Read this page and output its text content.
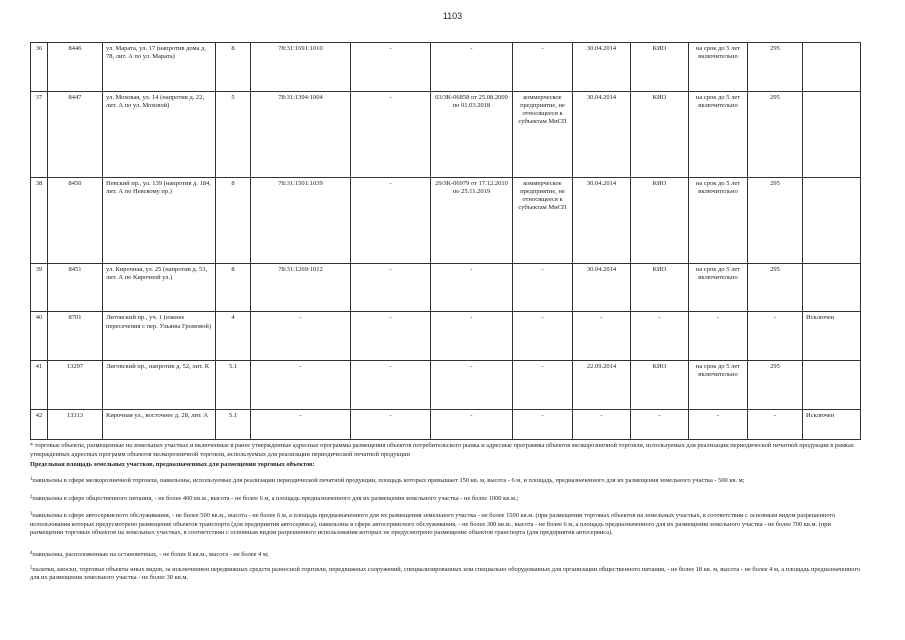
1103
36	8446	ул. Марата, ул. 17 (напротив дома д. 78, лит. А по ул. Марата)	8	78:31:1691:1010	-	-	-	30.04.2014	КИО	на срок до 5 лет включительно	295	
37	8447	ул. Моховая, ул. 14 (напротив д. 22, лит. А по ул. Моховой)	5	78:31:1394:1004	-	03/ЗК-06858 от 25.08.2009 по 01.03.2018	коммерческое предприятие, не относящееся к субъектам МиСП	30.04.2014	КИО	на срок до 5 лет включительно	295	
38	8450	Невский пр., ул. 139 (напротив д. 184, лит. А по Невскому пр.)	8	78:31:1501:1039	-	29/ЗК-06979 от 17.12.2010 по 25.11.2019	коммерческое предприятие, не относящееся к субъектам МиСП	30.04.2014	КИО	на срок до 5 лет включительно	295	
39	8451	ул. Кирочная, ул. 25 (напротив д. 53, лит. А по Кирочной ул.)	8	78:31:1269:1012	-	-	-	30.04.2014	КИО	на срок до 5 лет включительно	295	
40	8701	Литовский пр., уч. 1 (южнее пересечения с пер. Ульяны Громовой)	4	-	-	-	-	-	-	-	-	Исключен
41	13297	Лиговский пр., напротив д. 52, лит. К	5.1	-	-	-	-	22.09.2014	КИО	на срок до 5 лет включительно	295	
42	13313	Кирочная ул., восточнее д. 28, лит. А	5.1	-	-	-	-	-	-	-	-	Исключен

* торговые объекты, размещенные на земельных участках и включенные в ранее утвержденные адресные программы размещения объектов потребительского рынка и адресные программы объектов мелкорозничной торговли, используемых для реализации периодической печатной продукции в рамках утвержденных адресных программ объектов мелкорозничной торговли, используемых для реализации периодической печатной продукции

Предельная площадь земельных участков, предназначенных для размещения торговых объектов:

$^1$павильоны в сфере мелкорозничной торговли, павильоны, используемые для реализации периодической печатной продукции, площадь которых превышает 150 кв. м, высота - 6 м, и площадь, предназначенного для их размещения земельного участка - 500 кв. м;

$^2$павильоны в сфере общественного питания, - не более 400 кв.м., высота - не более 6 м, а площадь предназначенного для их размещения земельного участка - не более 1000 кв.м.;

$^3$павильоны в сфере автосервисного обслуживания, - не более 500 кв.м., высота - не более 6 м, а площадь предназначенного для их размещения земельного участка - не более 1500 кв.м. (при размещении торговых объектов на земельных участках, в соответствии с основным видом разрешенного использования которых предусмотрено размещение объектов транспорта (для предприятия автосервиса), павильоны в сфере автосервисного обслуживания, - не более 300 кв.м., высота - не более 6 м, а площадь предназначенного для их размещения земельного участка - не более 700 кв.м. (при размещении торговых объектов на земельных участках, в соответствии с основным видом разрешенного использования которых не предусмотрено размещение объектов транспорта (для предприятия автосервиса).

$^4$павильоны, расположенные на остановочных, - не более 8 кв.м., высота - не более 4 м;

$^5$палатки, киоски, торговые объекты иных видов, за исключением передвижных средств разносной торговли, передвижных сооружений, специализированных или специально оборудованных для организации общественного питания, - не более 18 кв. м, высота - не более 4 м, а площадь предназначенного для их размещения земельного участка - не более 30 кв.м.
